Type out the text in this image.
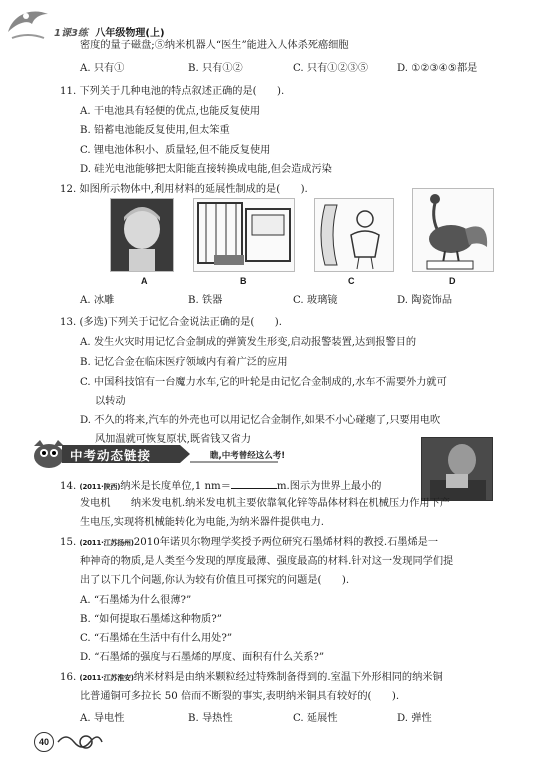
1课3练 八年级物理(上)
密度的量子磁盘;⑤纳米机器人“医生”能进入人体杀死癌细胞
A. 只有①	B. 只有①②	C. 只有①②③⑤	D. ①②③④⑤都是
11. 下列关于几种电池的特点叙述正确的是(　　).
A. 干电池具有轻便的优点,也能反复使用
B. 铅蓄电池能反复使用,但太笨重
C. 锂电池体积小、质量轻,但不能反复使用
D. 硅光电池能够把太阳能直接转换成电能,但会造成污染
12. 如图所示物体中,利用材料的延展性制成的是(　　).
A	B	C	D
A. 冰雕	B. 铁器	C. 玻璃镜	D. 陶瓷饰品
13. (多选)下列关于记忆合金说法正确的是(　　).
A. 发生火灾时用记忆合金制成的弹簧发生形变,启动报警装置,达到报警目的
B. 记忆合金在临床医疗领域内有着广泛的应用
C. 中国科技馆有一台魔力水车,它的叶轮是由记忆合金制成的,水车不需要外力就可
以转动
D. 不久的将来,汽车的外壳也可以用记忆合金制作,如果不小心碰瘪了,只要用电吹
风加温就可恢复原状,既省钱又省力
中考动态链接	瞧,中考曾经这么考!
14. (2011·陕西)纳米是长度单位,1 nm＝	m.图示为世界上最小的
发电机　　纳米发电机.纳米发电机主要依靠氧化锌等晶体材料在机械压力作用下产
生电压,实现将机械能转化为电能,为纳米器件提供电力.
15. (2011·江苏扬州)2010年诺贝尔物理学奖授予两位研究石墨烯材料的教授.石墨烯是一
种神奇的物质,是人类至今发现的厚度最薄、强度最高的材料.针对这一发现同学们提
出了以下几个问题,你认为较有价值且可探究的问题是(　　).
A. “石墨烯为什么很薄?”
B. “如何提取石墨烯这种物质?”
C. “石墨烯在生活中有什么用处?”
D. “石墨烯的强度与石墨烯的厚度、面积有什么关系?”
16. (2011·江苏淮安)纳米材料是由纳米颗粒经过特殊制备得到的.室温下外形相同的纳米铜
比普通铜可多拉长 50 倍而不断裂的事实,表明纳米铜具有较好的(　　).
A. 导电性	B. 导热性	C. 延展性	D. 弹性
40
